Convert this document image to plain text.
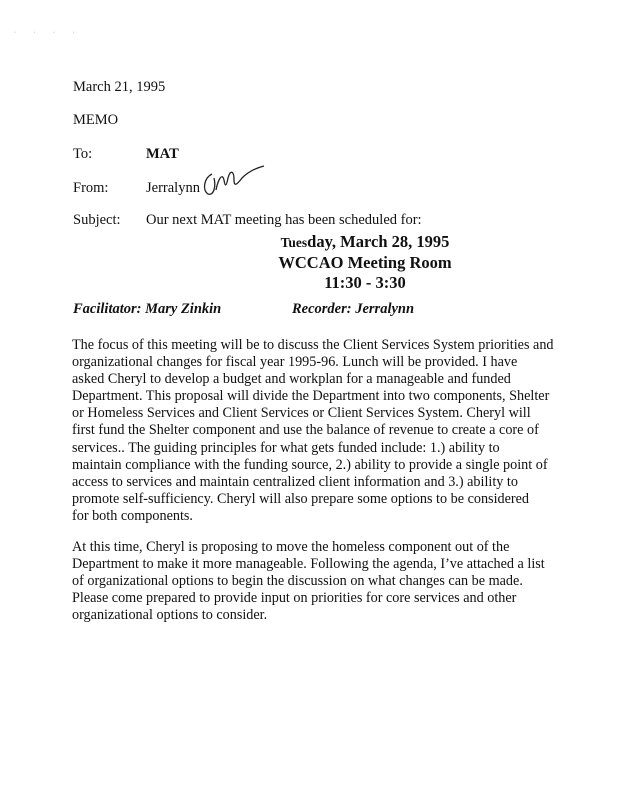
· · · ·
March 21, 1995
MEMO
To:	MAT
From:	Jerralynn
Subject: Our next MAT meeting has been scheduled for:
Tuesday, March 28, 1995
WCCAO Meeting Room
11:30 - 3:30
Facilitator: Mary Zinkin	Recorder: Jerralynn
The focus of this meeting will be to discuss the Client Services System priorities and
organizational changes for fiscal year 1995-96. Lunch will be provided. I have
asked Cheryl to develop a budget and workplan for a manageable and funded
Department. This proposal will divide the Department into two components, Shelter
or Homeless Services and Client Services or Client Services System. Cheryl will
first fund the Shelter component and use the balance of revenue to create a core of
services.. The guiding principles for what gets funded include: 1.) ability to
maintain compliance with the funding source, 2.) ability to provide a single point of
access to services and maintain centralized client information and 3.) ability to
promote self-sufficiency. Cheryl will also prepare some options to be considered
for both components.
At this time, Cheryl is proposing to move the homeless component out of the
Department to make it more manageable. Following the agenda, I’ve attached a list
of organizational options to begin the discussion on what changes can be made.
Please come prepared to provide input on priorities for core services and other
organizational options to consider.
